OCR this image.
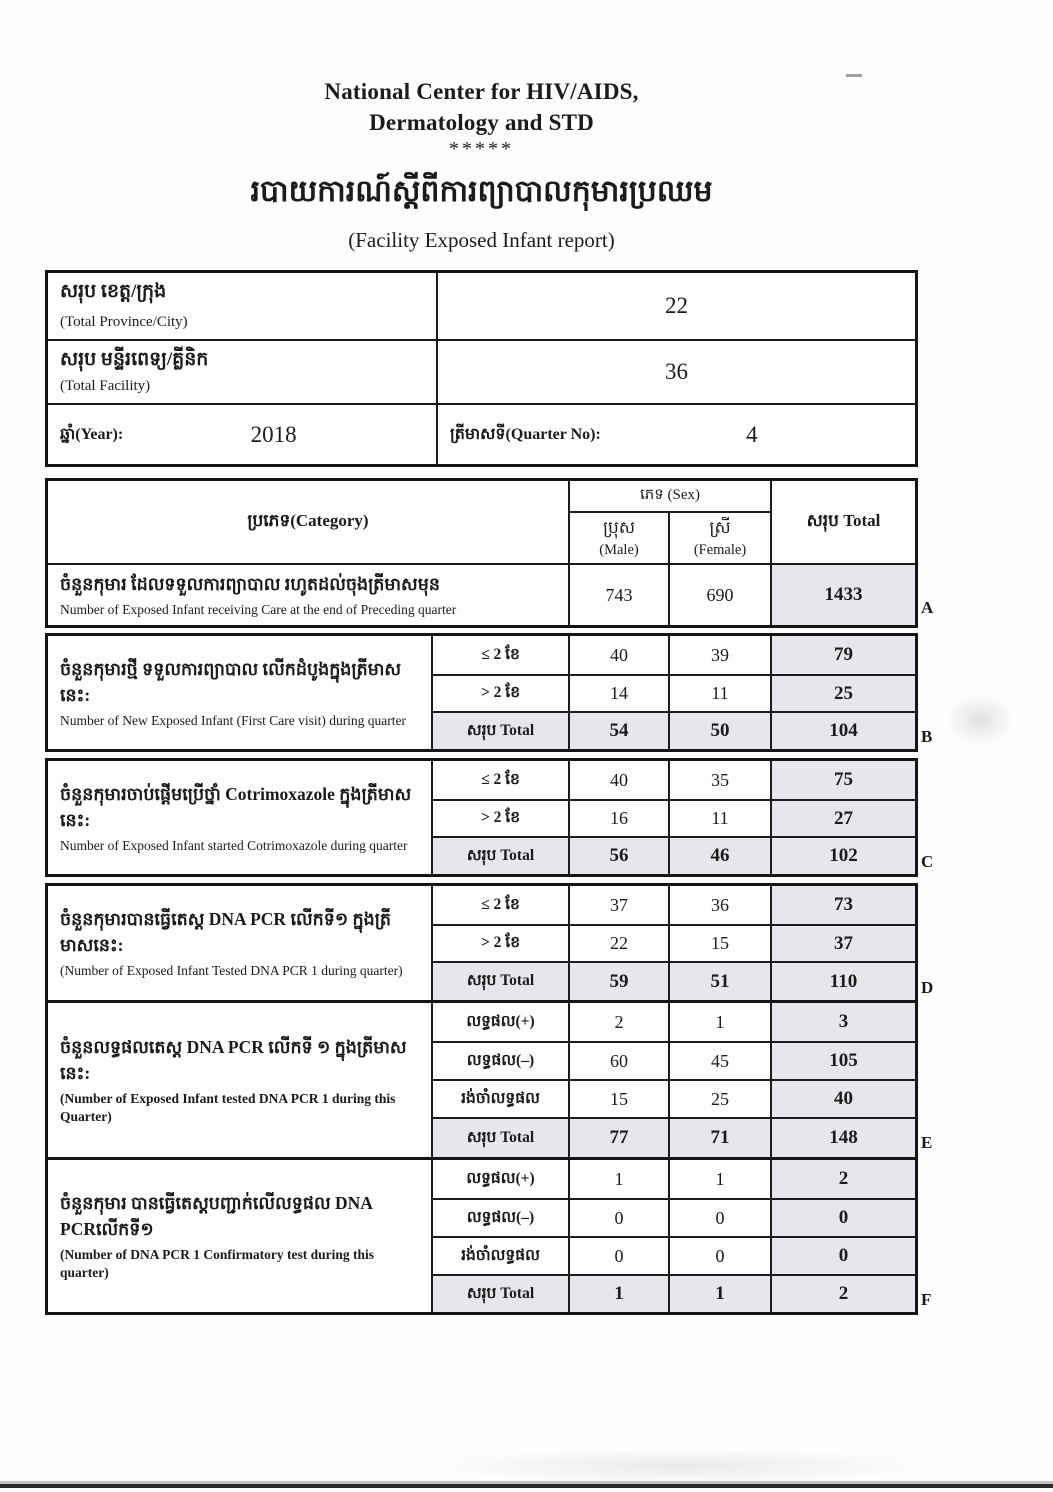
National Center for HIV/AIDS,
Dermatology and STD
*****
របាយការណ៍ស្ដីពីការព្យាបាលកុមារប្រឈម
(Facility Exposed Infant report)
សរុប ខេត្ត/ក្រុង
(Total Province/City)
22
សរុប មន្ទីរពេទ្យ/គ្លីនិក
(Total Facility)
36
ឆ្នាំ(Year):	2018	ត្រីមាសទី(Quarter No):	4
ប្រភេទ(Category)
ភេទ (Sex)
សរុប Total
ប្រុស
(Male)
ស្រី
(Female)
ចំនួនកុមារ ដែលទទួលការព្យាបាល រហូតដល់ចុងត្រីមាសមុន
Number of Exposed Infant receiving Care at the end of Preceding quarter
743	690	1433
A
ចំនួនកុមារថ្មី ទទួលការព្យាបាល លើកដំបូងក្នុងត្រីមាសនេះ:
Number of New Exposed Infant (First Care visit) during quarter
≤ 2 ខែ	40	39	79
> 2 ខែ	14	11	25
សរុប Total	54	50	104	B
ចំនួនកុមារចាប់ផ្ដើមប្រើថ្នាំ Cotrimoxazole ក្នុងត្រីមាសនេះ:
Number of Exposed Infant started Cotrimoxazole during quarter
≤ 2 ខែ	40	35	75
> 2 ខែ	16	11	27
សរុប Total	56	46	102	C
ចំនួនកុមារបានធ្វើតេស្ដ DNA PCR លើកទី១ ក្នុងត្រីមាសនេះ:
(Number of Exposed Infant Tested DNA PCR 1 during quarter)
≤ 2 ខែ	37	36	73
> 2 ខែ	22	15	37
សរុប Total	59	51	110	D
ចំនួនលទ្ធផលតេស្ដ DNA PCR លើកទី ១ ក្នុងត្រីមាសនេះ:
(Number of Exposed Infant tested DNA PCR 1 during this Quarter)
លទ្ធផល(+)	2	1	3
លទ្ធផល(–)	60	45	105
រង់ចាំលទ្ធផល	15	25	40
សរុប Total	77	71	148	E
ចំនួនកុមារ បានធ្វើតេស្ដបញ្ជាក់លើលទ្ធផល DNA PCRលើកទី១
(Number of DNA PCR 1 Confirmatory test during this quarter)
លទ្ធផល(+)	1	1	2
លទ្ធផល(–)	0	0	0
រង់ចាំលទ្ធផល	0	0	0
សរុប Total	1	1	2	F
